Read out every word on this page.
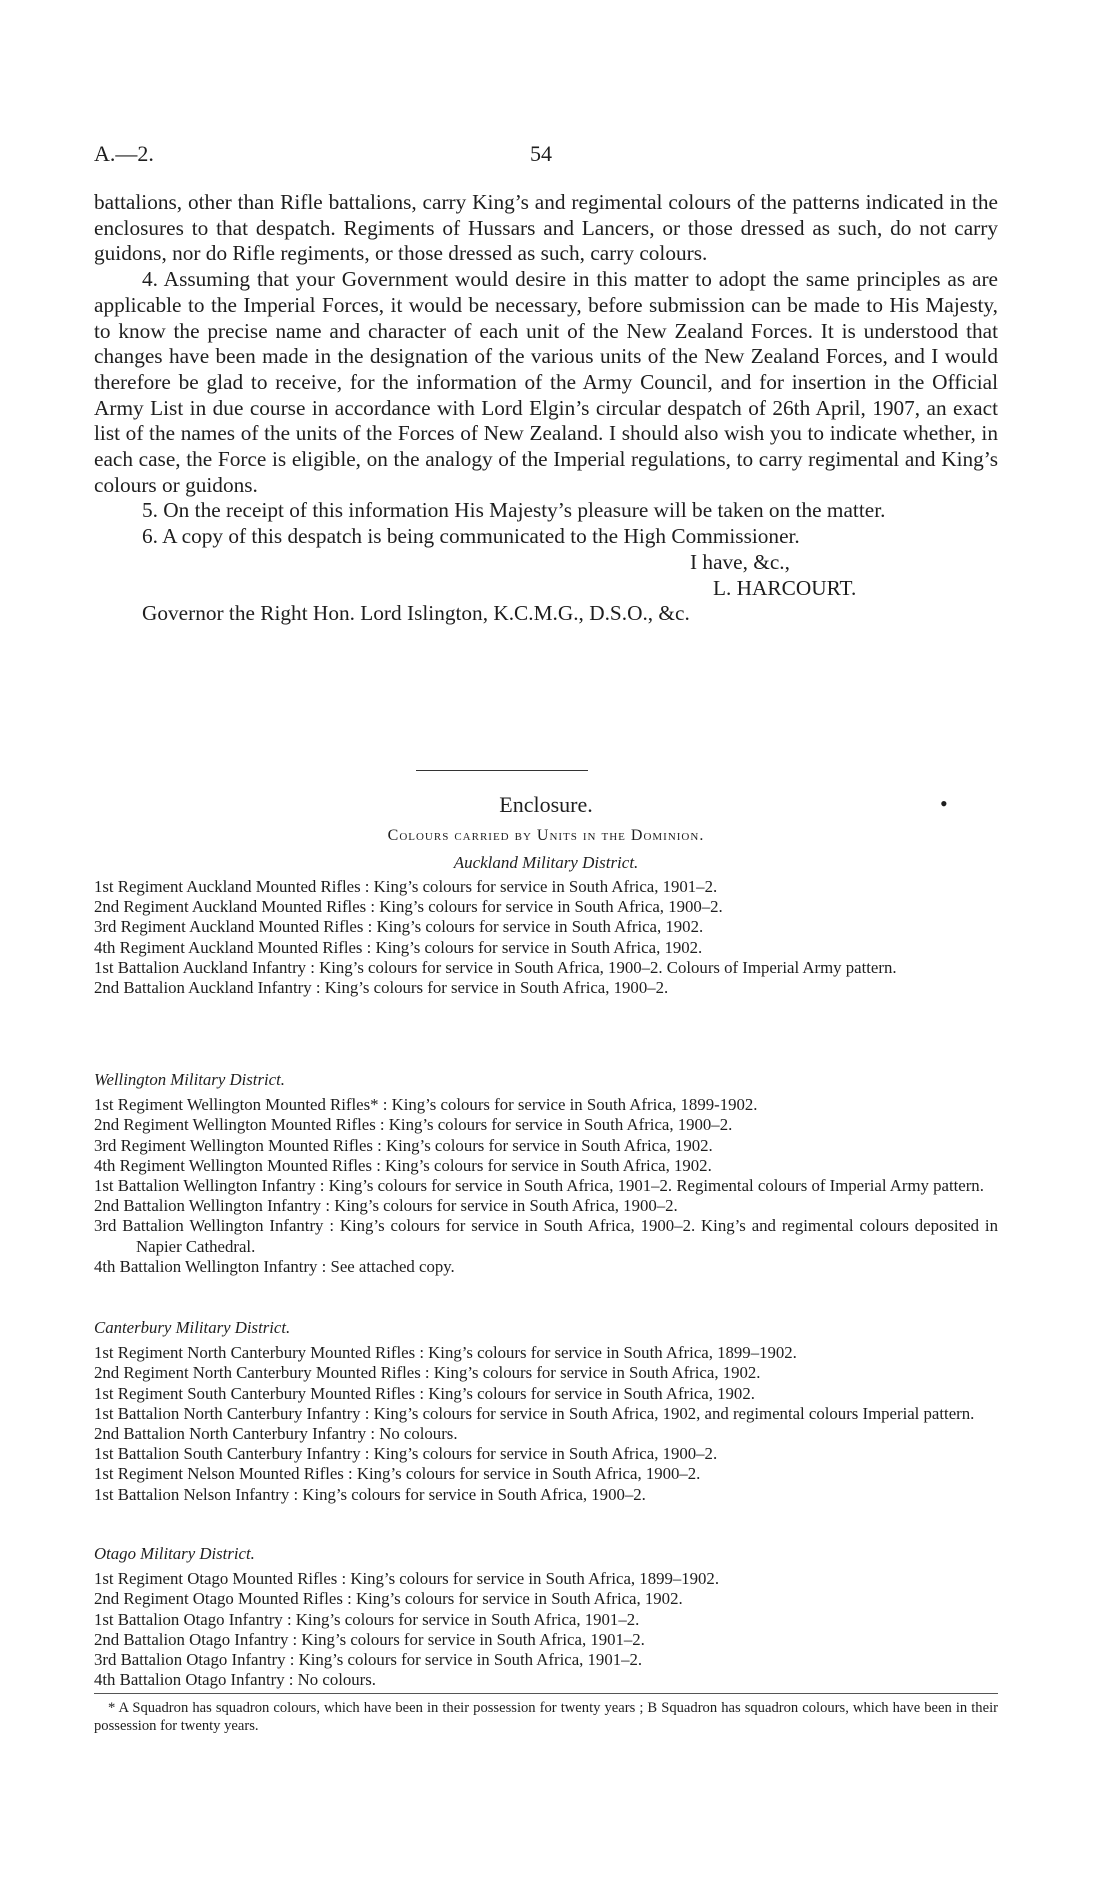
A.—2.	54

battalions, other than Rifle battalions, carry King’s and regimental colours of the patterns indicated in the enclosures to that despatch. Regiments of Hussars and Lancers, or those dressed as such, do not carry guidons, nor do Rifle regiments, or those dressed as such, carry colours.

4. Assuming that your Government would desire in this matter to adopt the same principles as are applicable to the Imperial Forces, it would be necessary, before submission can be made to His Majesty, to know the precise name and character of each unit of the New Zealand Forces. It is understood that changes have been made in the designation of the various units of the New Zealand Forces, and I would therefore be glad to receive, for the information of the Army Council, and for insertion in the Official Army List in due course in accordance with Lord Elgin’s circular despatch of 26th April, 1907, an exact list of the names of the units of the Forces of New Zealand. I should also wish you to indicate whether, in each case, the Force is eligible, on the analogy of the Imperial regulations, to carry regimental and King’s colours or guidons.

5. On the receipt of this information His Majesty’s pleasure will be taken on the matter.

6. A copy of this despatch is being communicated to the High Commissioner.

I have, &c.,
L. HARCOURT.
Governor the Right Hon. Lord Islington, K.C.M.G., D.S.O., &c.
Enclosure.	•
Colours carried by Units in the Dominion.

Auckland Military District.

1st Regiment Auckland Mounted Rifles : King’s colours for service in South Africa, 1901–2.

2nd Regiment Auckland Mounted Rifles : King’s colours for service in South Africa, 1900–2.

3rd Regiment Auckland Mounted Rifles : King’s colours for service in South Africa, 1902.

4th Regiment Auckland Mounted Rifles : King’s colours for service in South Africa, 1902.

1st Battalion Auckland Infantry : King’s colours for service in South Africa, 1900–2. Colours of Imperial Army pattern.

2nd Battalion Auckland Infantry : King’s colours for service in South Africa, 1900–2.

Wellington Military District.

1st Regiment Wellington Mounted Rifles* : King’s colours for service in South Africa, 1899-1902.

2nd Regiment Wellington Mounted Rifles : King’s colours for service in South Africa, 1900–2.

3rd Regiment Wellington Mounted Rifles : King’s colours for service in South Africa, 1902.

4th Regiment Wellington Mounted Rifles : King’s colours for service in South Africa, 1902.

1st Battalion Wellington Infantry : King’s colours for service in South Africa, 1901–2. Regimental colours of Imperial Army pattern.

2nd Battalion Wellington Infantry : King’s colours for service in South Africa, 1900–2.

3rd Battalion Wellington Infantry : King’s colours for service in South Africa, 1900–2. King’s and regimental colours deposited in Napier Cathedral.

4th Battalion Wellington Infantry : See attached copy.

Canterbury Military District.

1st Regiment North Canterbury Mounted Rifles : King’s colours for service in South Africa, 1899–1902.

2nd Regiment North Canterbury Mounted Rifles : King’s colours for service in South Africa, 1902.

1st Regiment South Canterbury Mounted Rifles : King’s colours for service in South Africa, 1902.

1st Battalion North Canterbury Infantry : King’s colours for service in South Africa, 1902, and regimental colours Imperial pattern.

2nd Battalion North Canterbury Infantry : No colours.

1st Battalion South Canterbury Infantry : King’s colours for service in South Africa, 1900–2.

1st Regiment Nelson Mounted Rifles : King’s colours for service in South Africa, 1900–2.

1st Battalion Nelson Infantry : King’s colours for service in South Africa, 1900–2.

Otago Military District.

1st Regiment Otago Mounted Rifles : King’s colours for service in South Africa, 1899–1902.

2nd Regiment Otago Mounted Rifles : King’s colours for service in South Africa, 1902.

1st Battalion Otago Infantry : King’s colours for service in South Africa, 1901–2.

2nd Battalion Otago Infantry : King’s colours for service in South Africa, 1901–2.

3rd Battalion Otago Infantry : King’s colours for service in South Africa, 1901–2.

4th Battalion Otago Infantry : No colours.

* A Squadron has squadron colours, which have been in their possession for twenty years ; B Squadron has squadron colours, which have been in their possession for twenty years.
